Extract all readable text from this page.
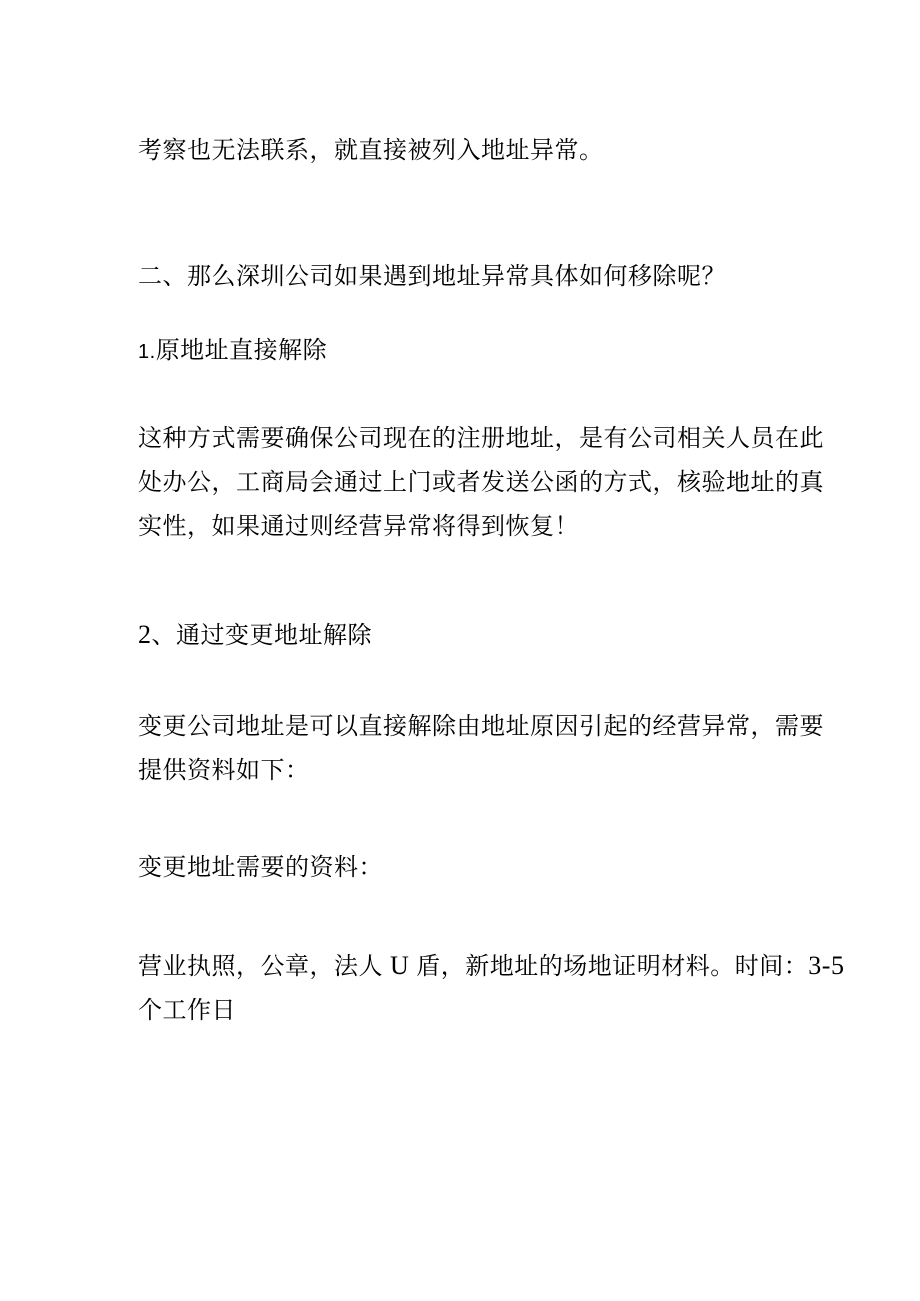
考察也无法联系，就直接被列入地址异常。
二、那么深圳公司如果遇到地址异常具体如何移除呢？
1.原地址直接解除
这种方式需要确保公司现在的注册地址，是有公司相关人员在此
处办公，工商局会通过上门或者发送公函的方式，核验地址的真
实性，如果通过则经营异常将得到恢复！
2、通过变更地址解除
变更公司地址是可以直接解除由地址原因引起的经营异常，需要
提供资料如下：
变更地址需要的资料：
营业执照，公章，法人 U 盾，新地址的场地证明材料。时间：3-5
个工作日
